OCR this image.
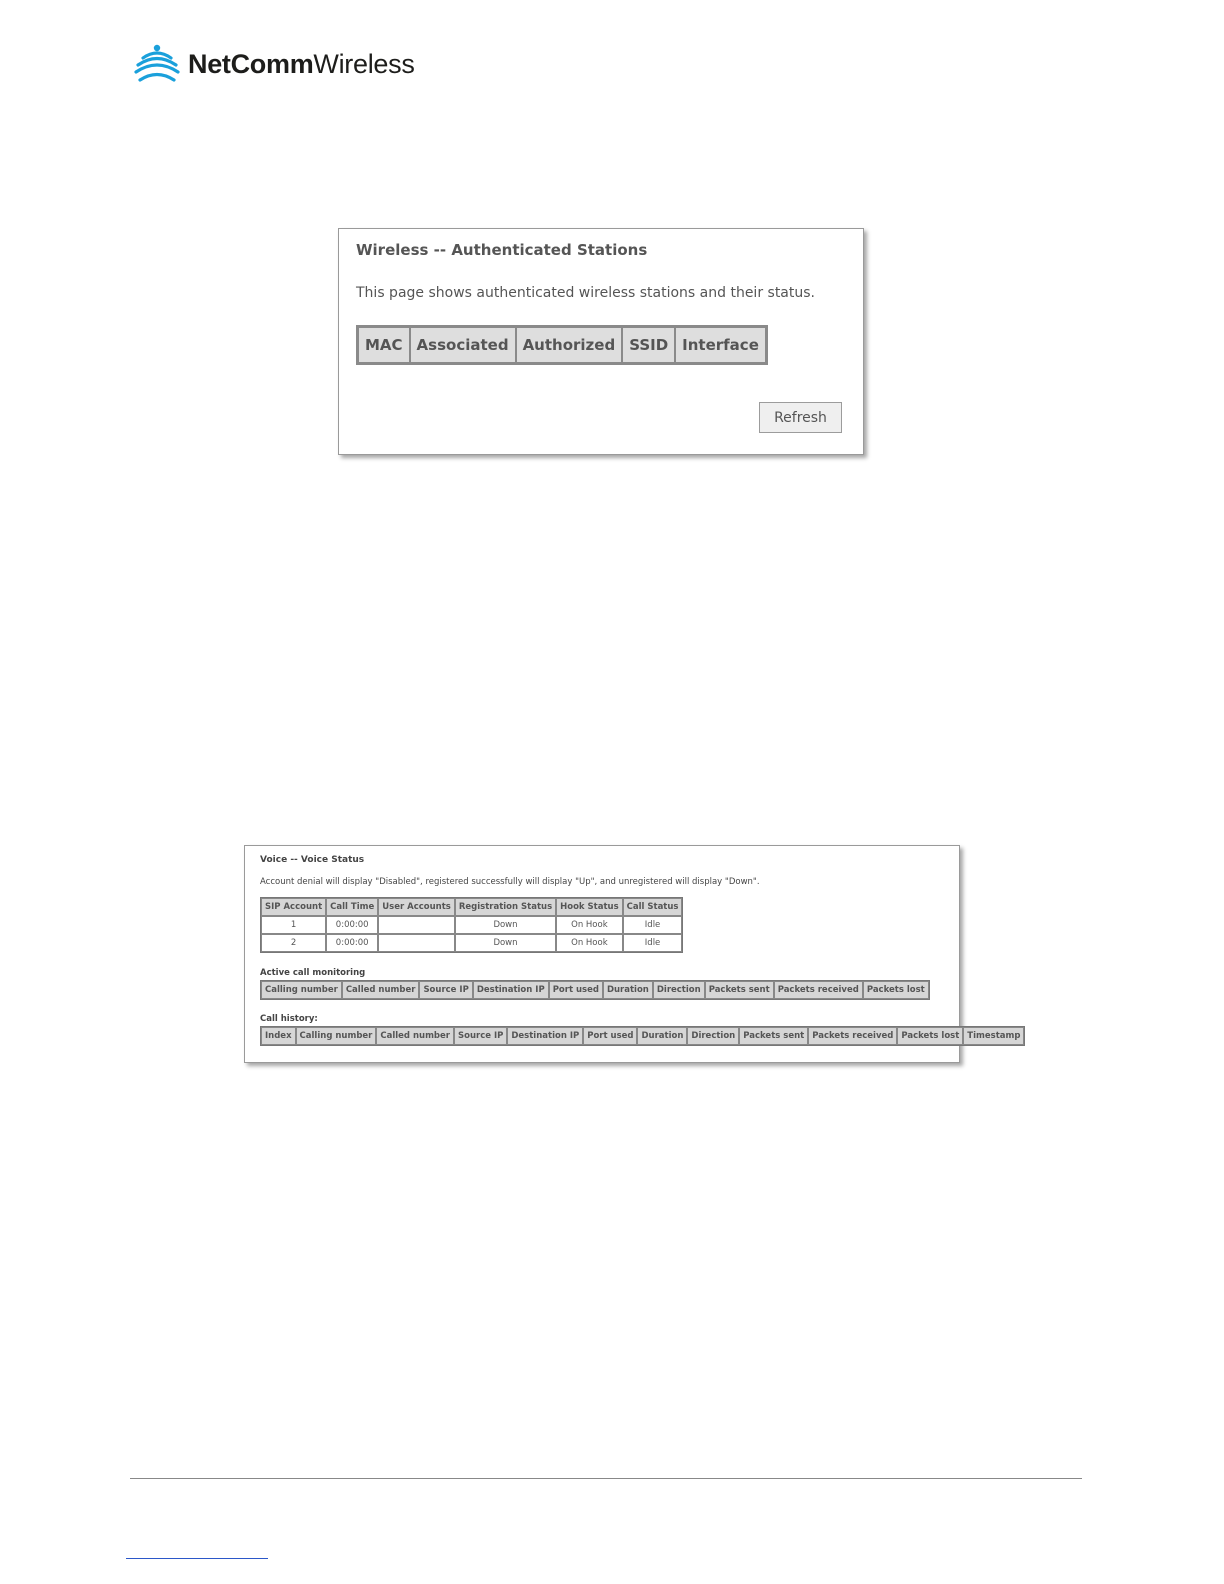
NetCommWireless
Wireless -- Authenticated Stations
This page shows authenticated wireless stations and their status.
MAC	Associated	Authorized	SSID	Interface
Refresh
Voice -- Voice Status
Account denial will display "Disabled", registered successfully will display "Up", and unregistered will display "Down".
SIP Account	Call Time	User Accounts	Registration Status	Hook Status	Call Status
1	0:00:00		Down	On Hook	Idle
2	0:00:00		Down	On Hook	Idle
Active call monitoring
Calling number	Called number	Source IP	Destination IP	Port used	Duration	Direction	Packets sent	Packets received	Packets lost
Call history:
Index	Calling number	Called number	Source IP	Destination IP	Port used	Duration	Direction	Packets sent	Packets received	Packets lost	Timestamp
